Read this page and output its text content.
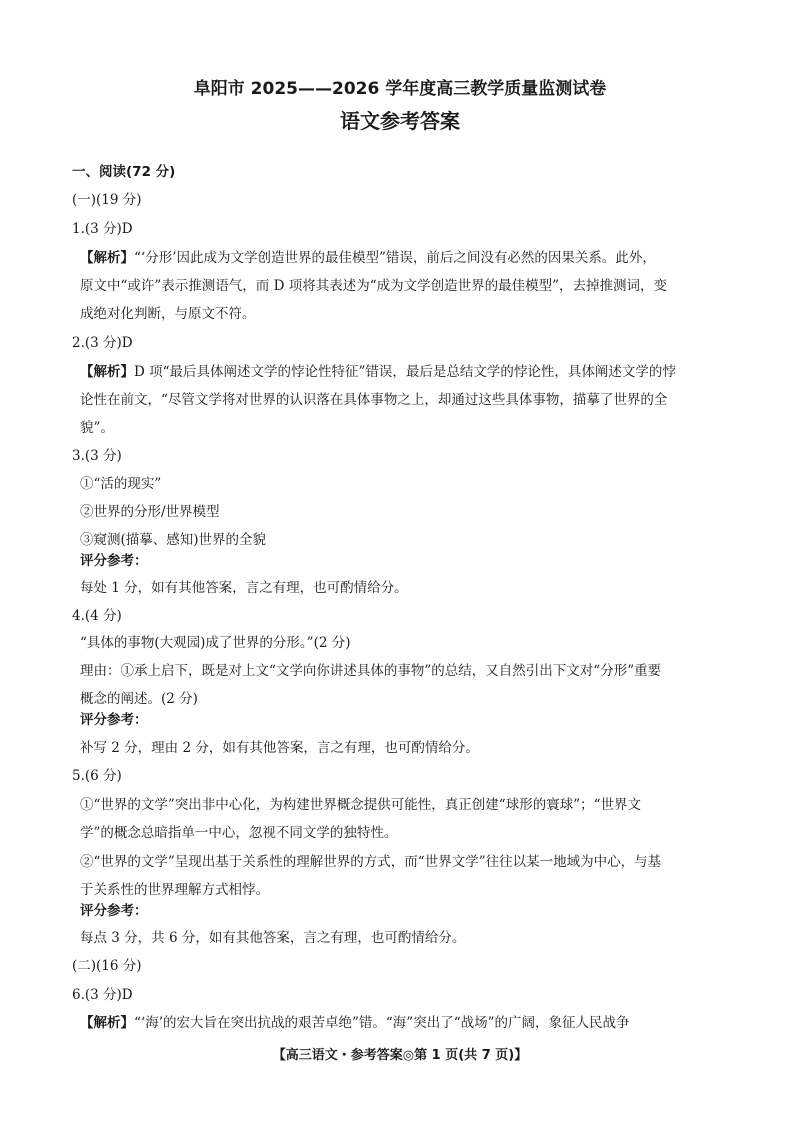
阜阳市 2025——2026 学年度高三教学质量监测试卷
语文参考答案
一、阅读(72 分)
(一)(19 分)
1.(3 分)D
【解析】“‘分形’因此成为文学创造世界的最佳模型”错误，前后之间没有必然的因果关系。此外，
原文中“或许”表示推测语气，而 D 项将其表述为“成为文学创造世界的最佳模型”，去掉推测词，变
成绝对化判断，与原文不符。
2.(3 分)D
【解析】D 项“最后具体阐述文学的悖论性特征”错误，最后是总结文学的悖论性，具体阐述文学的悖
论性在前文，“尽管文学将对世界的认识落在具体事物之上，却通过这些具体事物，描摹了世界的全
貌”。
3.(3 分)
①“活的现实”
②世界的分形/世界模型
③窥测(描摹、感知)世界的全貌
评分参考：
每处 1 分，如有其他答案，言之有理，也可酌情给分。
4.(4 分)
“具体的事物(大观园)成了世界的分形。”(2 分)
理由：①承上启下，既是对上文“文学向你讲述具体的事物”的总结，又自然引出下文对“分形”重要
概念的阐述。(2 分)
评分参考：
补写 2 分，理由 2 分，如有其他答案，言之有理，也可酌情给分。
5.(6 分)
①“世界的文学”突出非中心化，为构建世界概念提供可能性，真正创建“球形的寰球”；“世界文
学”的概念总暗指单一中心，忽视不同文学的独特性。
②“世界的文学”呈现出基于关系性的理解世界的方式，而“世界文学”往往以某一地域为中心，与基
于关系性的世界理解方式相悖。
评分参考：
每点 3 分，共 6 分，如有其他答案，言之有理，也可酌情给分。
(二)(16 分)
6.(3 分)D
【解析】“‘海’的宏大旨在突出抗战的艰苦卓绝”错。“海”突出了“战场”的广阔，象征人民战争
【高三语文・参考答案◎第 1 页(共 7 页)】
